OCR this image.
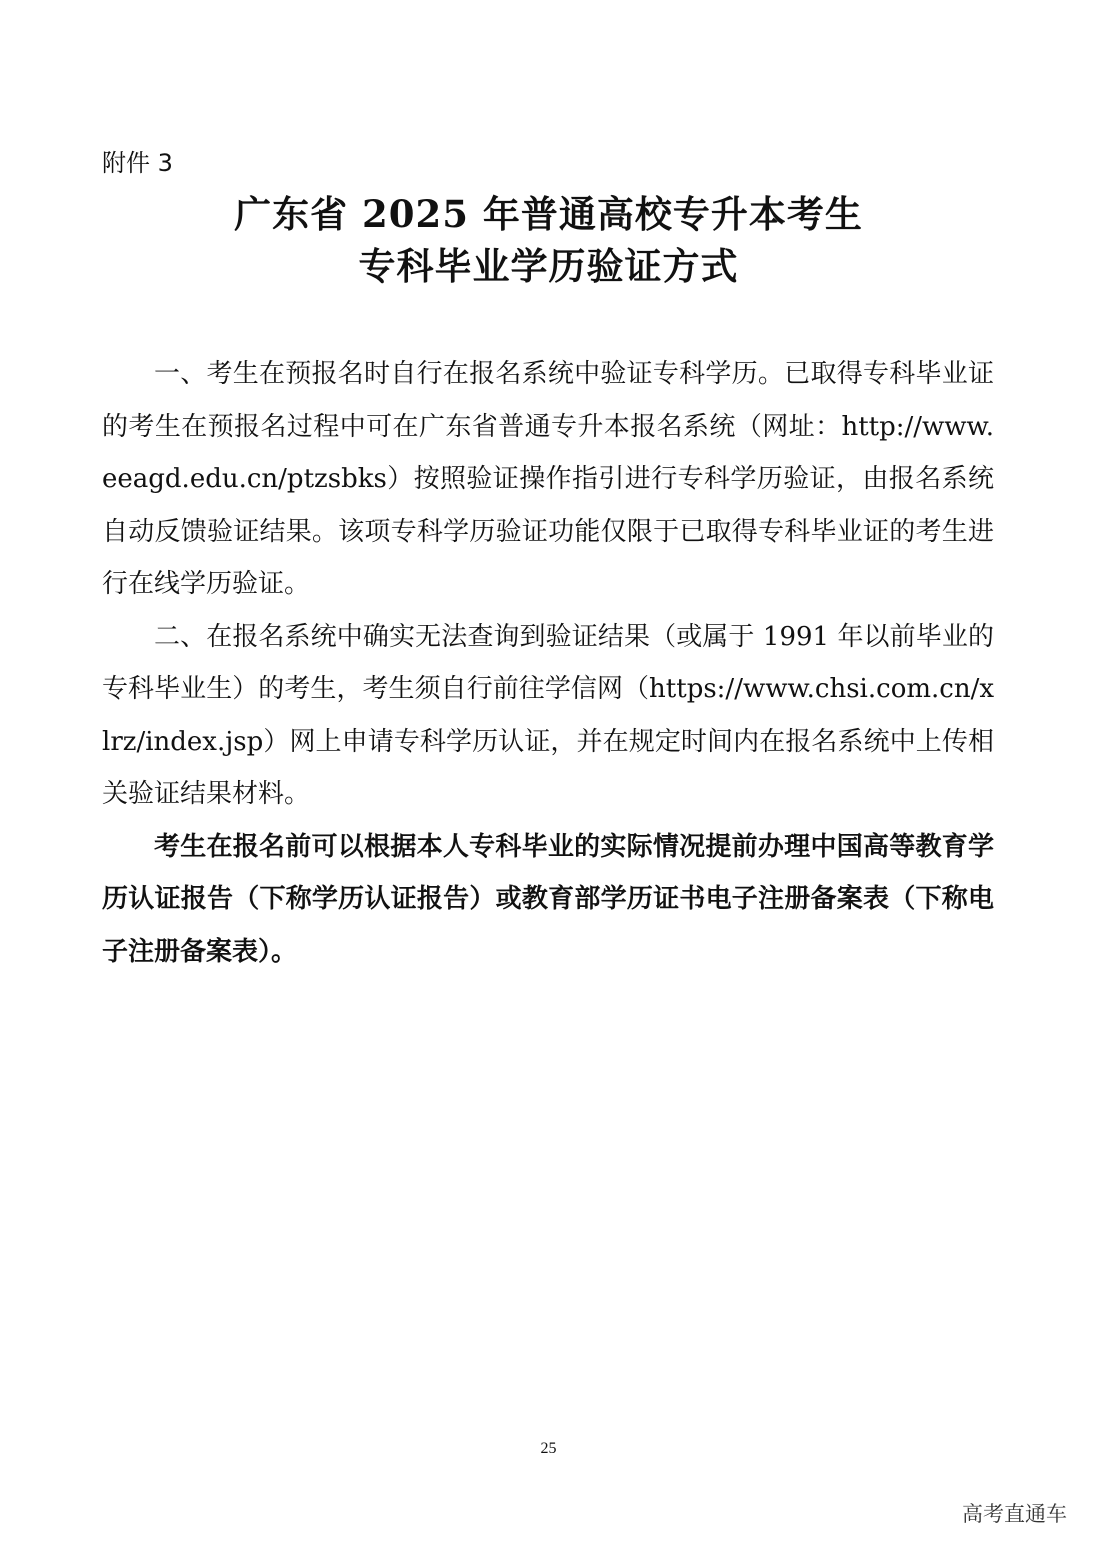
附件 3
广东省 2025 年普通高校专升本考生
专科毕业学历验证方式

一、考生在预报名时自行在报名系统中验证专科学历。已取得专科毕业证的考生在预报名过程中可在广东省普通专升本报名系统（网址：http://www.eeagd.edu.cn/ptzsbks）按照验证操作指引进行专科学历验证，由报名系统自动反馈验证结果。该项专科学历验证功能仅限于已取得专科毕业证的考生进行在线学历验证。

二、在报名系统中确实无法查询到验证结果（或属于 1991 年以前毕业的专科毕业生）的考生，考生须自行前往学信网（https://www.chsi.com.cn/xlrz/index.jsp）网上申请专科学历认证，并在规定时间内在报名系统中上传相关验证结果材料。

考生在报名前可以根据本人专科毕业的实际情况提前办理中国高等教育学历认证报告（下称学历认证报告）或教育部学历证书电子注册备案表（下称电子注册备案表）。

25
高考直通车
